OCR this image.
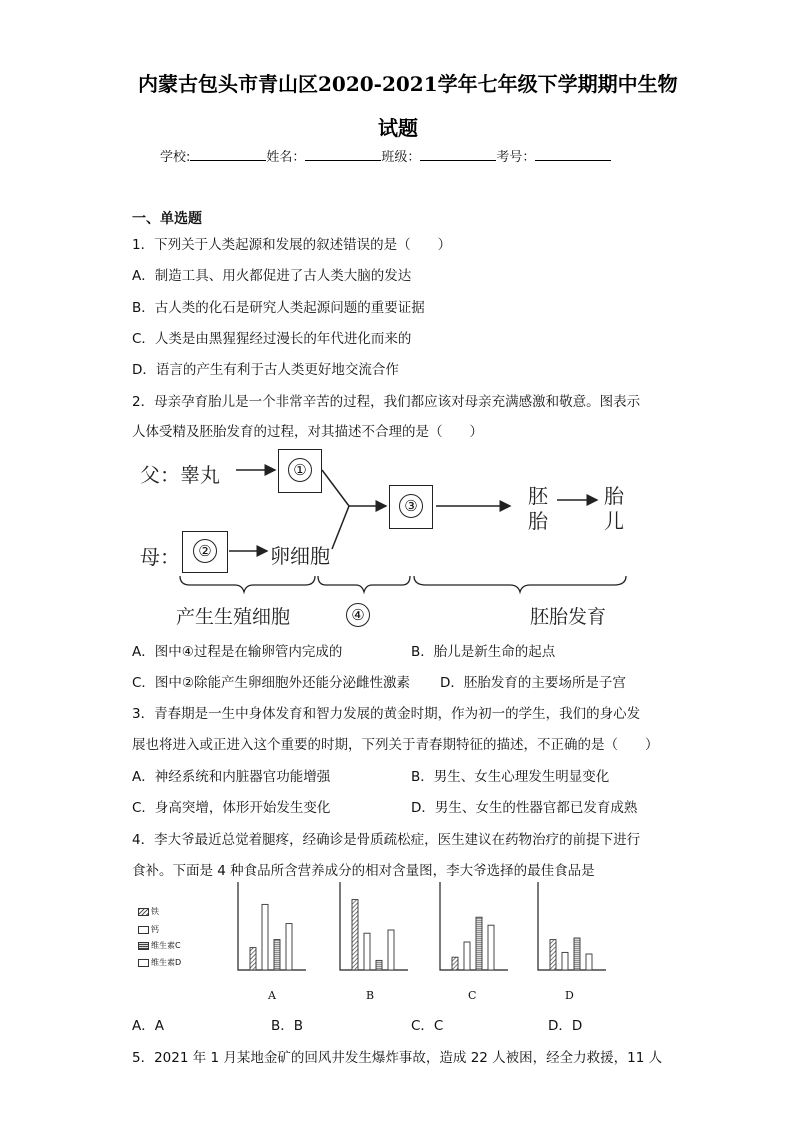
内蒙古包头市青山区2020-2021学年七年级下学期期中生物
试题
学校:	姓名：	班级：	考号：
一、单选题
1．下列关于人类起源和发展的叙述错误的是（　　）
A．制造工具、用火都促进了古人类大脑的发达
B．古人类的化石是研究人类起源问题的重要证据
C．人类是由黑猩猩经过漫长的年代进化而来的
D．语言的产生有利于古人类更好地交流合作
2．母亲孕育胎儿是一个非常辛苦的过程，我们都应该对母亲充满感激和敬意。图表示
人体受精及胚胎发育的过程，对其描述不合理的是（　　）
父：睾丸	①
③
母：	②	卵细胞
胚
胎
胎
儿
产生生殖细胞	④	胚胎发育
A．图中④过程是在输卵管内完成的	B．胎儿是新生命的起点
C．图中②除能产生卵细胞外还能分泌雌性激素 D．胚胎发育的主要场所是子宫
3．青春期是一生中身体发育和智力发展的黄金时期，作为初一的学生，我们的身心发
展也将进入或正进入这个重要的时期，下列关于青春期特征的描述，不正确的是（　　）
A．神经系统和内脏器官功能增强	B．男生、女生心理发生明显变化
C．身高突增，体形开始发生变化	D．男生、女生的性器官都已发育成熟
4．李大爷最近总觉着腿疼，经确诊是骨质疏松症，医生建议在药物治疗的前提下进行
食补。下面是 4 种食品所含营养成分的相对含量图，李大爷选择的最佳食品是
铁
钙
维生素C
维生素D
A	B	C	D
A．A	B．B	C．C	D．D
5．2021 年 1 月某地金矿的回风井发生爆炸事故，造成 22 人被困，经全力救援，11 人
